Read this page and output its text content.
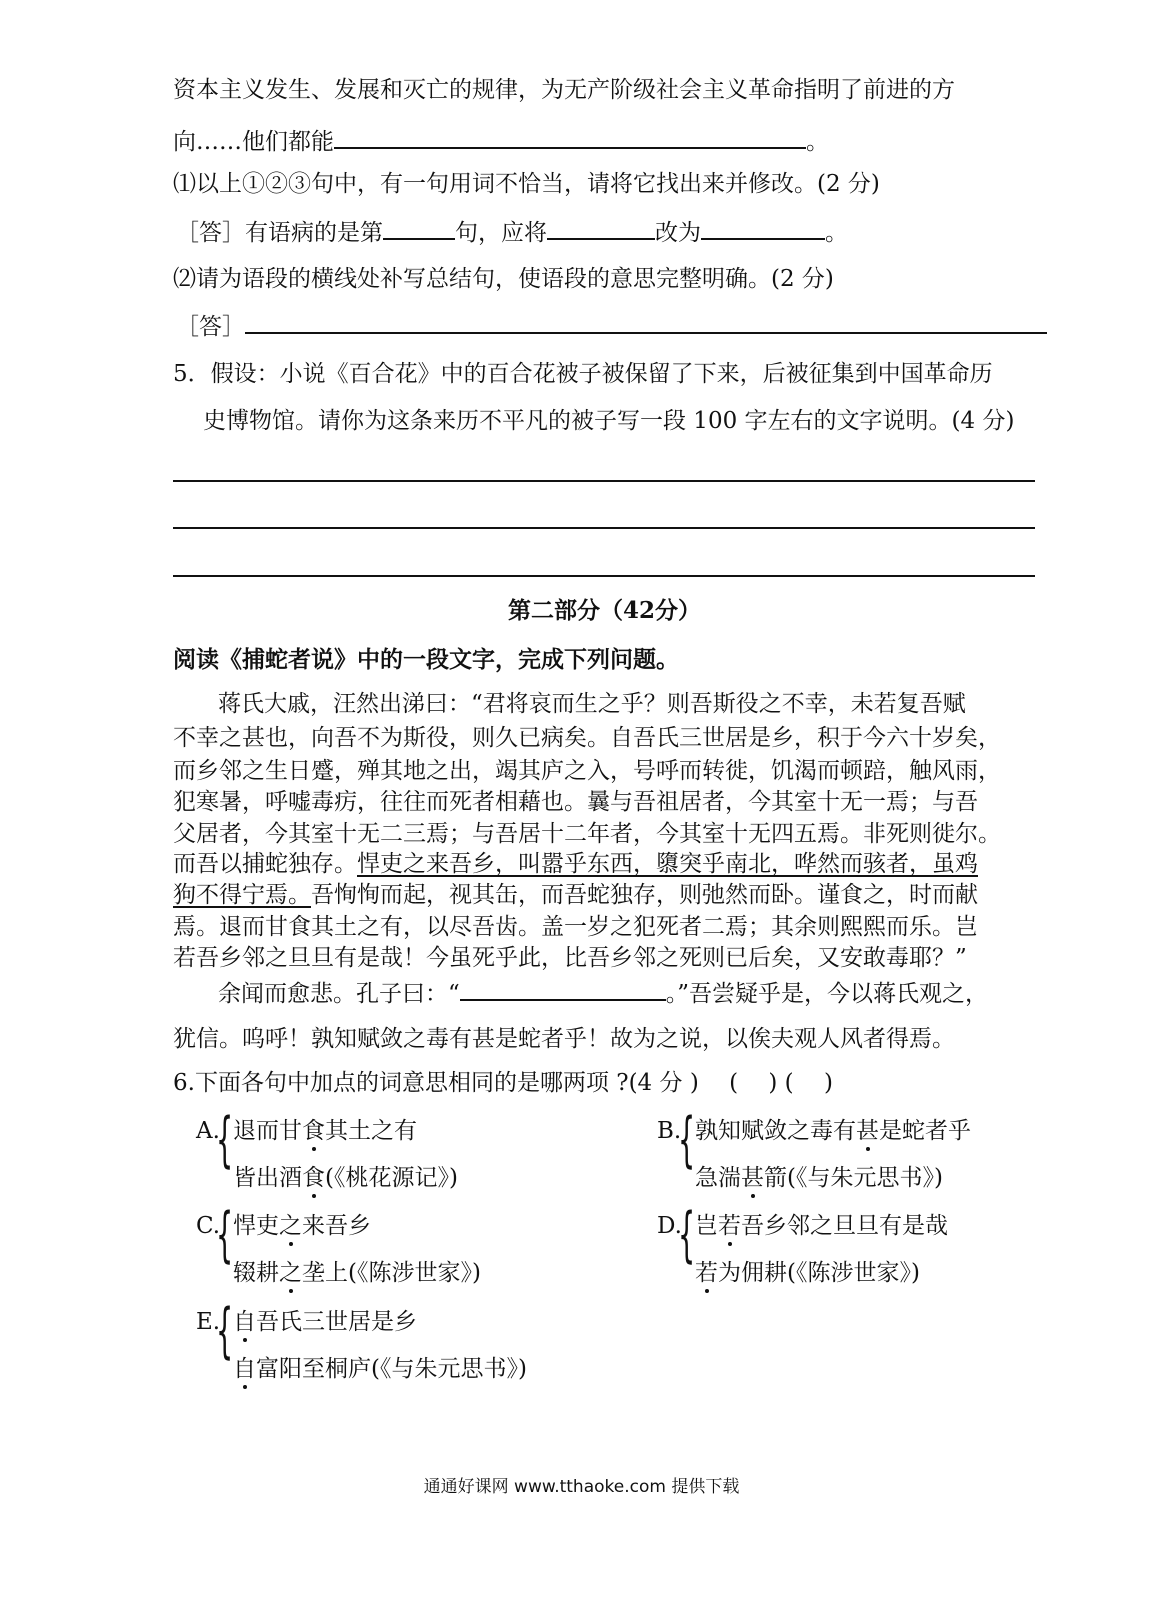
资本主义发生、发展和灭亡的规律，为无产阶级社会主义革命指明了前进的方
向……他们都能	。
⑴以上①②③句中，有一句用词不恰当，请将它找出来并修改。(2 分)
［答］有语病的是第	句，应将	改为	。
⑵请为语段的横线处补写总结句，使语段的意思完整明确。(2 分)
［答］
5．假设：小说《百合花》中的百合花被子被保留了下来，后被征集到中国革命历
史博物馆。请你为这条来历不平凡的被子写一段 100 字左右的文字说明。(4 分)
第二部分（42分）
阅读《捕蛇者说》中的一段文字，完成下列问题。
蒋氏大戚，汪然出涕曰：“君将哀而生之乎？则吾斯役之不幸，未若复吾赋
不幸之甚也，向吾不为斯役，则久已病矣。自吾氏三世居是乡，积于今六十岁矣，
而乡邻之生日蹙，殚其地之出，竭其庐之入，号呼而转徙，饥渴而顿踣，触风雨，
犯寒暑，呼嘘毒疠，往往而死者相藉也。曩与吾祖居者，今其室十无一焉；与吾
父居者，今其室十无二三焉；与吾居十二年者，今其室十无四五焉。非死则徙尔。
而吾以捕蛇独存。悍吏之来吾乡，叫嚣乎东西，隳突乎南北，哗然而骇者，虽鸡
狗不得宁焉。吾恂恂而起，视其缶，而吾蛇独存，则弛然而卧。谨食之，时而献
焉。退而甘食其土之有，以尽吾齿。盖一岁之犯死者二焉；其余则熙熙而乐。岂
若吾乡邻之旦旦有是哉！今虽死乎此，比吾乡邻之死则已后矣，又安敢毒耶？”
余闻而愈悲。孔子曰：“	。”吾尝疑乎是，今以蒋氏观之，
犹信。呜呼！孰知赋敛之毒有甚是蛇者乎！故为之说，以俟夫观人风者得焉。
6.下面各句中加点的词意思相同的是哪两项 ?(4 分 )　 (　 ) (　 )
A.
{ 退而甘食其土之有
皆出酒食(《桃花源记》)
B.
{ 孰知赋敛之毒有甚是蛇者乎
急湍甚箭(《与朱元思书》)
C.
{ 悍吏之来吾乡
辍耕之垄上(《陈涉世家》)
D.
{ 岂若吾乡邻之旦旦有是哉
若为佣耕(《陈涉世家》)
E.
{ 自吾氏三世居是乡
自富阳至桐庐(《与朱元思书》)
通通好课网 www.tthaoke.com 提供下载
